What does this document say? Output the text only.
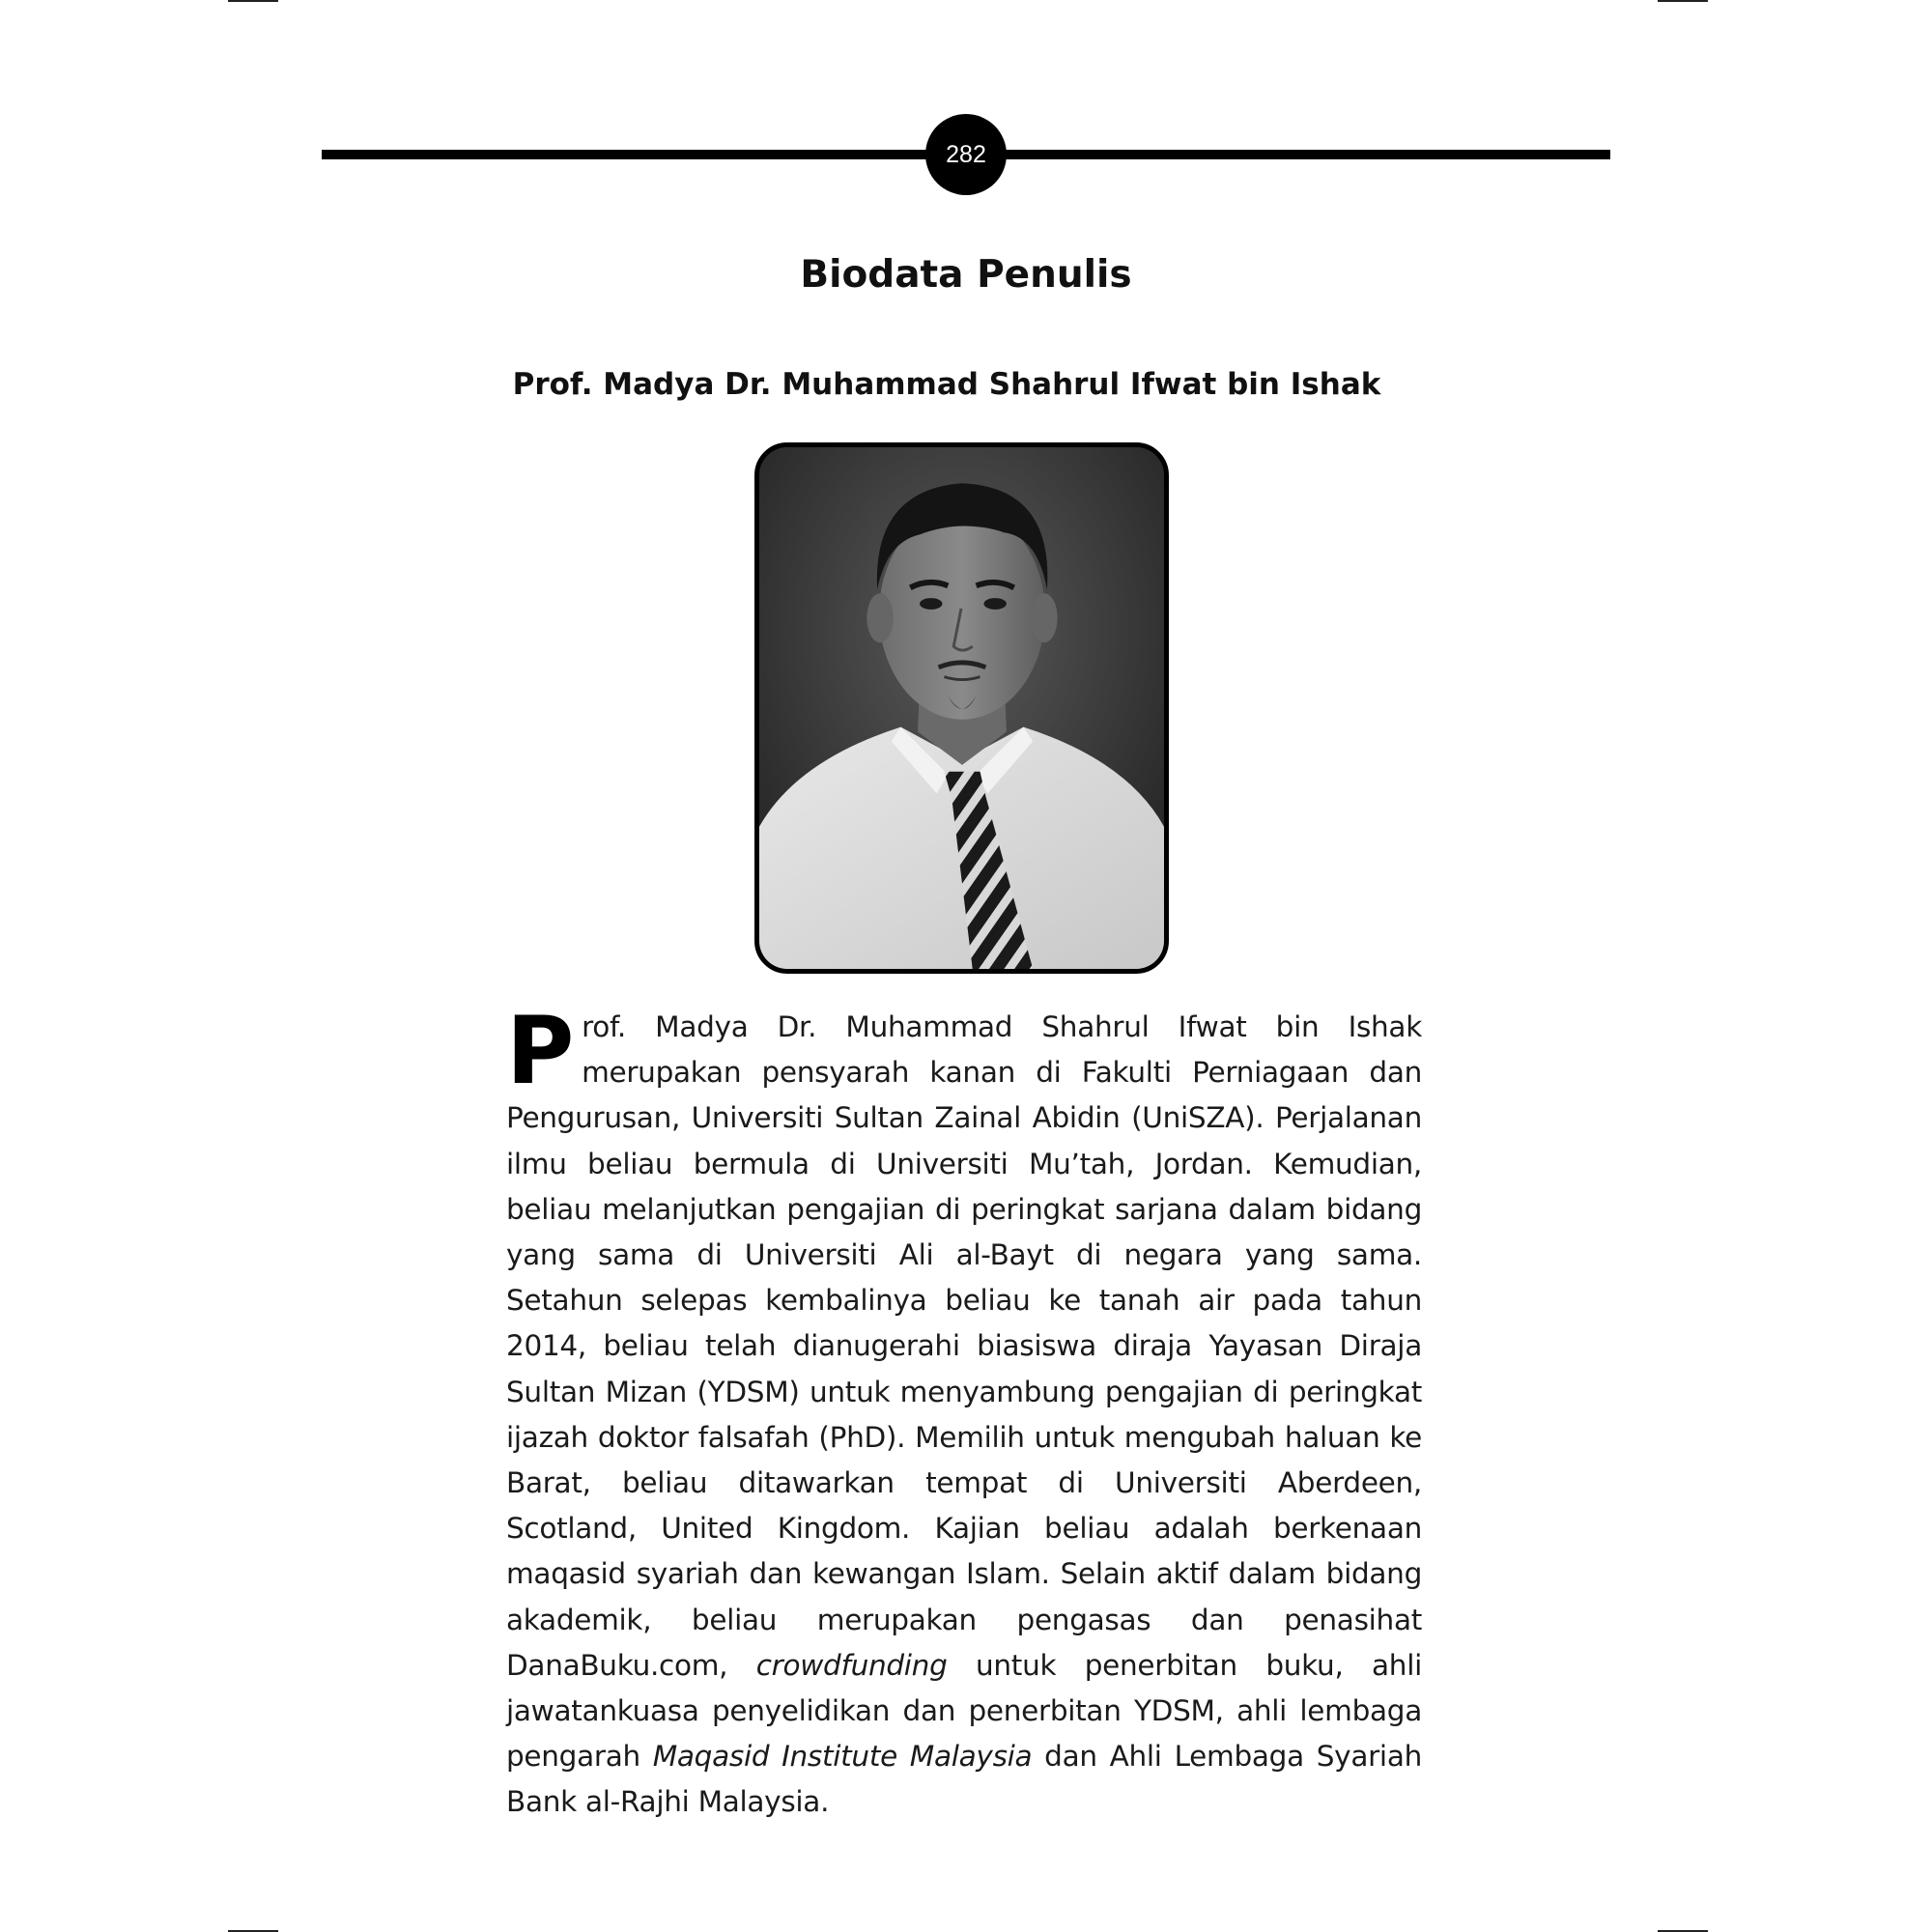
282
Biodata Penulis
Prof. Madya Dr. Muhammad Shahrul Ifwat bin Ishak
Prof. Madya Dr. Muhammad Shahrul Ifwat bin Ishak merupakan pensyarah kanan di Fakulti Perniagaan dan Pengurusan, Universiti Sultan Zainal Abidin (UniSZA). Perjalanan ilmu beliau bermula di Universiti Mu’tah, Jordan. Kemudian, beliau melanjutkan pengajian di peringkat sarjana dalam bidang yang sama di Universiti Ali al-Bayt di negara yang sama. Setahun selepas kembalinya beliau ke tanah air pada tahun 2014, beliau telah dianugerahi biasiswa diraja Yayasan Diraja Sultan Mizan (YDSM) untuk menyambung pengajian di peringkat ijazah doktor falsafah (PhD). Memilih untuk mengubah haluan ke Barat, beliau ditawarkan tempat di Universiti Aberdeen, Scotland, United Kingdom. Kajian beliau adalah berkenaan maqasid syariah dan kewangan Islam. Selain aktif dalam bidang akademik, beliau merupakan pengasas dan penasihat DanaBuku.com, crowdfunding untuk penerbitan buku, ahli jawatankuasa penyelidikan dan penerbitan YDSM, ahli lembaga pengarah Maqasid Institute Malaysia dan Ahli Lembaga Syariah Bank al-Rajhi Malaysia.
